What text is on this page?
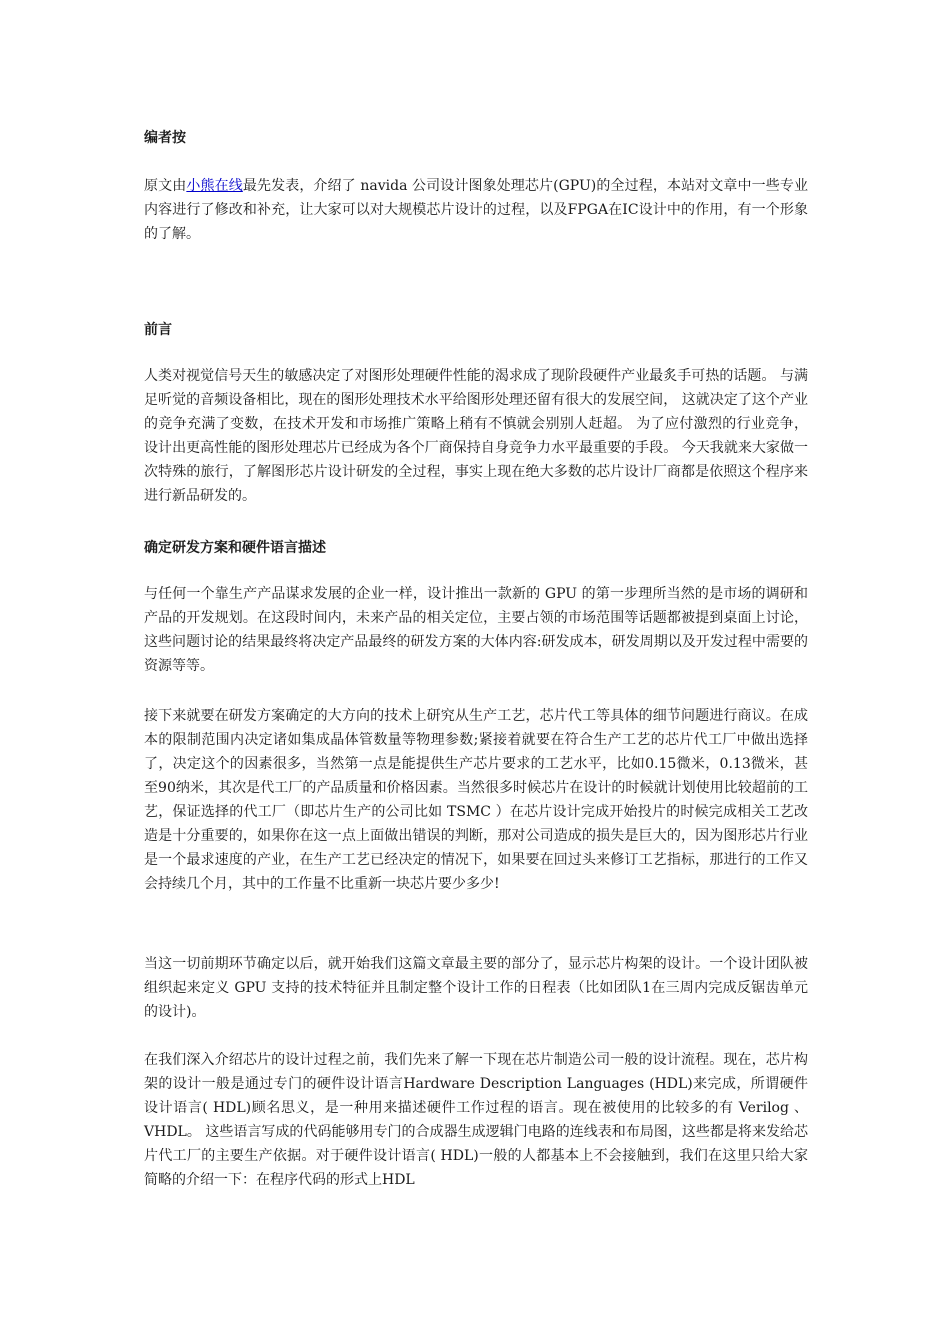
编者按

原文由小熊在线最先发表，介绍了 navida 公司设计图象处理芯片(GPU)的全过程，本站对文章中一些专业内容进行了修改和补充，让大家可以对大规模芯片设计的过程，以及FPGA在IC设计中的作用，有一个形象的了解。

前言

人类对视觉信号天生的敏感决定了对图形处理硬件性能的渴求成了现阶段硬件产业最炙手可热的话题。 与满足听觉的音频设备相比，现在的图形处理技术水平给图形处理还留有很大的发展空间， 这就决定了这个产业的竞争充满了变数，在技术开发和市场推广策略上稍有不慎就会别别人赶超。 为了应付激烈的行业竞争， 设计出更高性能的图形处理芯片已经成为各个厂商保持自身竞争力水平最重要的手段。 今天我就来大家做一次特殊的旅行，了解图形芯片设计研发的全过程，事实上现在绝大多数的芯片设计厂商都是依照这个程序来进行新品研发的。

确定研发方案和硬件语言描述

与任何一个靠生产产品谋求发展的企业一样，设计推出一款新的 GPU 的第一步理所当然的是市场的调研和产品的开发规划。在这段时间内，未来产品的相关定位，主要占领的市场范围等话题都被提到桌面上讨论，这些问题讨论的结果最终将决定产品最终的研发方案的大体内容:研发成本，研发周期以及开发过程中需要的资源等等。

接下来就要在研发方案确定的大方向的技术上研究从生产工艺，芯片代工等具体的细节问题进行商议。在成本的限制范围内决定诸如集成晶体管数量等物理参数;紧接着就要在符合生产工艺的芯片代工厂中做出选择了，决定这个的因素很多，当然第一点是能提供生产芯片要求的工艺水平，比如0.15微米，0.13微米，甚至90纳米，其次是代工厂的产品质量和价格因素。当然很多时候芯片在设计的时候就计划使用比较超前的工艺，保证选择的代工厂（即芯片生产的公司比如 TSMC ）在芯片设计完成开始投片的时候完成相关工艺改造是十分重要的，如果你在这一点上面做出错误的判断，那对公司造成的损失是巨大的，因为图形芯片行业是一个最求速度的产业，在生产工艺已经决定的情况下，如果要在回过头来修订工艺指标，那进行的工作又会持续几个月，其中的工作量不比重新一块芯片要少多少!

当这一切前期环节确定以后，就开始我们这篇文章最主要的部分了，显示芯片构架的设计。一个设计团队被组织起来定义 GPU 支持的技术特征并且制定整个设计工作的日程表（比如团队1在三周内完成反锯齿单元的设计)。

在我们深入介绍芯片的设计过程之前，我们先来了解一下现在芯片制造公司一般的设计流程。现在，芯片构架的设计一般是通过专门的硬件设计语言Hardware Description Languages (HDL)来完成，所谓硬件设计语言( HDL)顾名思义，是一种用来描述硬件工作过程的语言。现在被使用的比较多的有 Verilog 、 VHDL。 这些语言写成的代码能够用专门的合成器生成逻辑门电路的连线表和布局图，这些都是将来发给芯片代工厂的主要生产依据。对于硬件设计语言( HDL)一般的人都基本上不会接触到，我们在这里只给大家简略的介绍一下：在程序代码的形式上HDL
